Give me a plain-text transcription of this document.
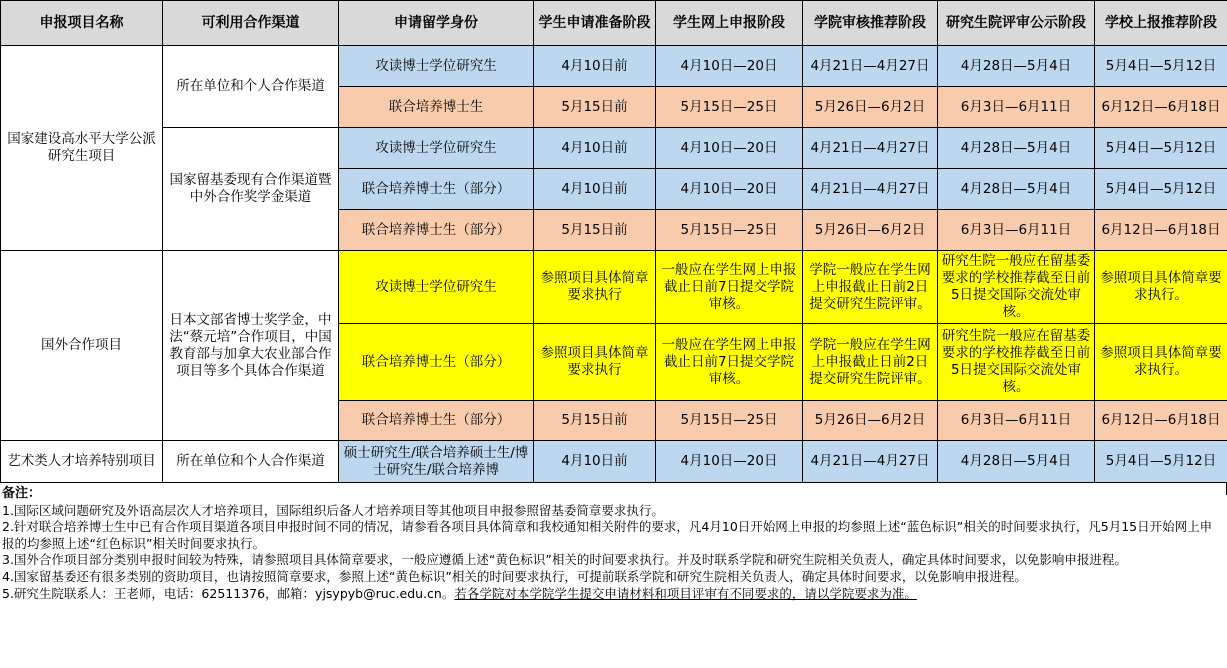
申报项目名称	可利用合作渠道	申请留学身份	学生申请准备阶段	学生网上申报阶段	学院审核推荐阶段	研究生院评审公示阶段	学校上报推荐阶段
国家建设高水平大学公派研究生项目	所在单位和个人合作渠道	攻读博士学位研究生	4月10日前	4月10日—20日	4月21日—4月27日	4月28日—5月4日	5月4日—5月12日
		联合培养博士生	5月15日前	5月15日—25日	5月26日—6月2日	6月3日—6月11日	6月12日—6月18日
	国家留基委现有合作渠道暨中外合作奖学金渠道	攻读博士学位研究生	4月10日前	4月10日—20日	4月21日—4月27日	4月28日—5月4日	5月4日—5月12日
		联合培养博士生（部分）	4月10日前	4月10日—20日	4月21日—4月27日	4月28日—5月4日	5月4日—5月12日
		联合培养博士生（部分）	5月15日前	5月15日—25日	5月26日—6月2日	6月3日—6月11日	6月12日—6月18日
国外合作项目	日本文部省博士奖学金，中法“蔡元培”合作项目，中国教育部与加拿大农业部合作项目等多个具体合作渠道	攻读博士学位研究生	参照项目具体简章要求执行	一般应在学生网上申报截止日前7日提交学院审核。	学院一般应在学生网上申报截止日前2日提交研究生院评审。	研究生院一般应在留基委要求的学校推荐截至日前5日提交国际交流处审核。	参照项目具体简章要求执行。
		联合培养博士生（部分）	参照项目具体简章要求执行	一般应在学生网上申报截止日前7日提交学院审核。	学院一般应在学生网上申报截止日前2日提交研究生院评审。	研究生院一般应在留基委要求的学校推荐截至日前5日提交国际交流处审核。	参照项目具体简章要求执行。
		联合培养博士生（部分）	5月15日前	5月15日—25日	5月26日—6月2日	6月3日—6月11日	6月12日—6月18日
艺术类人才培养特别项目	所在单位和个人合作渠道	硕士研究生/联合培养硕士生/博士研究生/联合培养博	4月10日前	4月10日—20日	4月21日—4月27日	4月28日—5月4日	5月4日—5月12日

备注：

1.国际区域问题研究及外语高层次人才培养项目，国际组织后备人才培养项目等其他项目申报参照留基委简章要求执行。

2.针对联合培养博士生中已有合作项目渠道各项目申报时间不同的情况，请参看各项目具体简章和我校通知相关附件的要求，凡4月10日开始网上申报的均参照上述“蓝色标识”相关的时间要求执行，凡5月15日开始网上申报的均参照上述“红色标识”相关时间要求执行。

3.国外合作项目部分类别申报时间较为特殊，请参照项目具体简章要求，一般应遵循上述“黄色标识”相关的时间要求执行。并及时联系学院和研究生院相关负责人，确定具体时间要求，以免影响申报进程。

4.国家留基委还有很多类别的资助项目，也请按照简章要求，参照上述“黄色标识”相关的时间要求执行，可提前联系学院和研究生院相关负责人，确定具体时间要求，以免影响申报进程。

5.研究生院联系人：王老师，电话：62511376，邮箱：yjsypyb@ruc.edu.cn。若各学院对本学院学生提交申请材料和项目评审有不同要求的，请以学院要求为准。
